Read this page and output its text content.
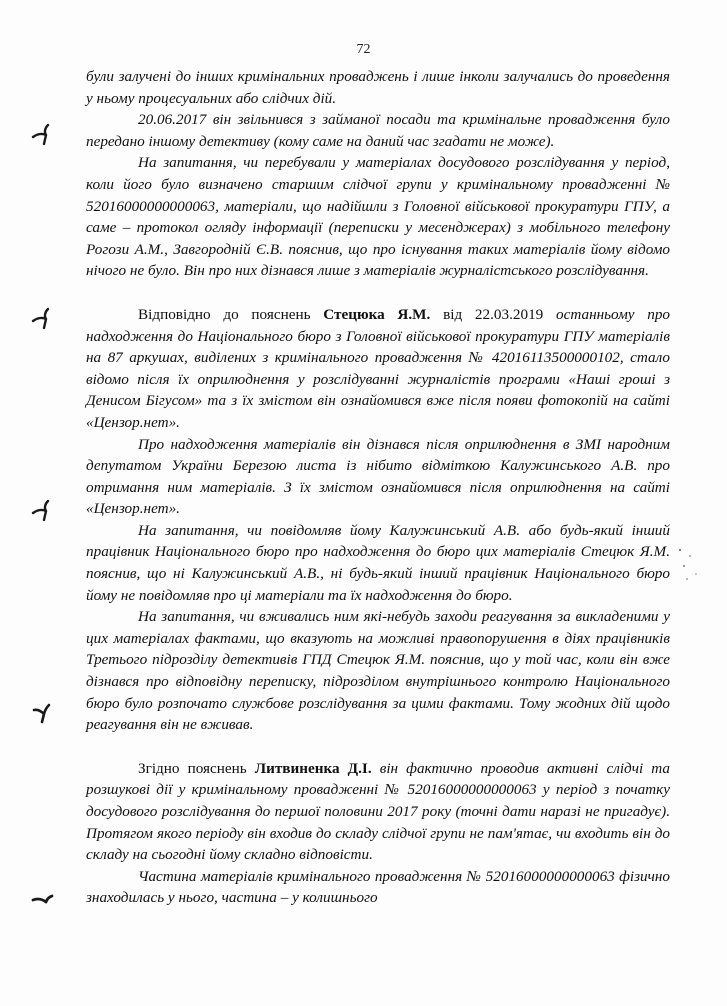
72

були залучені до інших кримінальних проваджень і лише інколи залучались до проведення у ньому процесуальних або слідчих дій.

20.06.2017 він звільнився з займаної посади та кримінальне провадження було передано іншому детективу (кому саме на даний час згадати не може).

На запитання, чи перебували у матеріалах досудового розслідування у період, коли його було визначено старшим слідчої групи у кримінальному провадженні № 52016000000000063, матеріали, що надійшли з Головної військової прокуратури ГПУ, а саме – протокол огляду інформації (переписки у месенджерах) з мобільного телефону Рогози А.М., Завгородній Є.В. пояснив, що про існування таких матеріалів йому відомо нічого не було. Він про них дізнався лише з матеріалів журналістського розслідування.

Відповідно до пояснень Стецюка Я.М. від 22.03.2019 останньому про надходження до Національного бюро з Головної військової прокуратури ГПУ матеріалів на 87 аркушах, виділених з кримінального провадження № 42016113500000102, стало відомо після їх оприлюднення у розслідуванні журналістів програми «Наші гроші з Денисом Бігусом» та з їх змістом він ознайомився вже після появи фотокопій на сайті «Цензор.нет».

Про надходження матеріалів він дізнався після оприлюднення в ЗМІ народним депутатом України Березою листа із нібито відміткою Калужинського А.В. про отримання ним матеріалів. З їх змістом ознайомився після оприлюднення на сайті «Цензор.нет».

На запитання, чи повідомляв йому Калужинський А.В. або будь-який інший працівник Національного бюро про надходження до бюро цих матеріалів Стецюк Я.М. пояснив, що ні Калужинський А.В., ні будь-який інший працівник Національного бюро йому не повідомляв про ці матеріали та їх надходження до бюро.

На запитання, чи вживались ним які-небудь заходи реагування за викладеними у цих матеріалах фактами, що вказують на можливі правопорушення в діях працівників Третього підрозділу детективів ГПД Стецюк Я.М. пояснив, що у той час, коли він вже дізнався про відповідну переписку, підрозділом внутрішнього контролю Національного бюро було розпочато службове розслідування за цими фактами. Тому жодних дій щодо реагування він не вживав.

Згідно пояснень Литвиненка Д.І. він фактично проводив активні слідчі та розшукові дії у кримінальному провадженні № 52016000000000063 у період з початку досудового розслідування до першої половини 2017 року (точні дати наразі не пригадує). Протягом якого періоду він входив до складу слідчої групи не пам'ятає, чи входить він до складу на сьогодні йому складно відповісти.

Частина матеріалів кримінального провадження № 52016000000000063 фізично знаходилась у нього, частина – у колишнього
